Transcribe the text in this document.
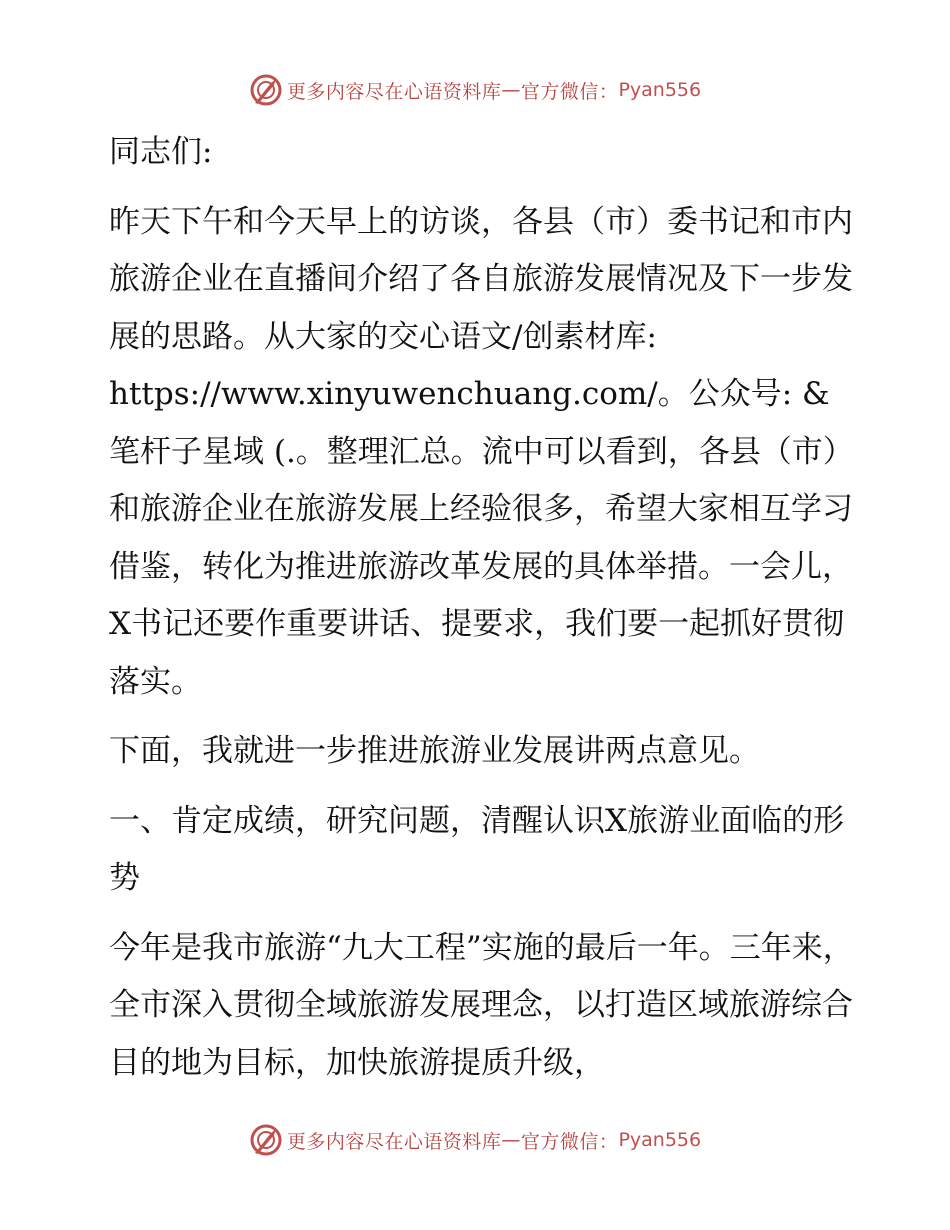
更多内容尽在心语资料库 — 官方微信： Pyan556

同志们:

昨天下午和今天早上的访谈，各县（市）委书记和市内旅游企业在直播间介绍了各自旅游发展情况及下一步发展的思路。从大家的交心语文/创素材库: https://www.xinyuwenchuang.com/。公众号: &笔杆子星域 (.。整理汇总。流中可以看到，各县（市）和旅游企业在旅游发展上经验很多，希望大家相互学习借鉴，转化为推进旅游改革发展的具体举措。一会儿，X书记还要作重要讲话、提要求，我们要一起抓好贯彻落实。

下面，我就进一步推进旅游业发展讲两点意见。

一、肯定成绩，研究问题，清醒认识X旅游业面临的形势

今年是我市旅游“九大工程”实施的最后一年。三年来，全市深入贯彻全域旅游发展理念，以打造区域旅游综合目的地为目标，加快旅游提质升级，

更多内容尽在心语资料库 — 官方微信： Pyan556
